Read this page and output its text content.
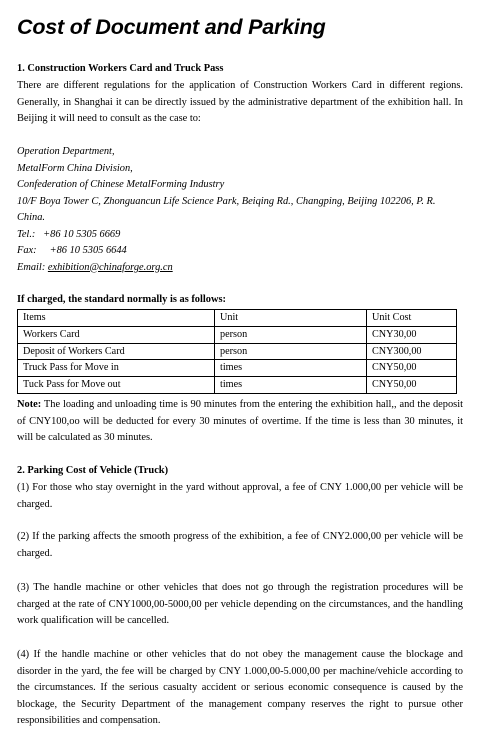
Cost of Document and Parking
1. Construction Workers Card and Truck Pass
There are different regulations for the application of Construction Workers Card in different regions. Generally, in Shanghai it can be directly issued by the administrative department of the exhibition hall. In Beijing it will need to consult as the case to:
Operation Department,
MetalForm China Division,
Confederation of Chinese MetalForming Industry
10/F Boya Tower C, Zhonguancun Life Science Park, Beiqing Rd., Changping, Beijing 102206, P. R. China.
Tel.:   +86 10 5305 6669
Fax:     +86 10 5305 6644
Email: exhibition@chinaforge.org.cn
If charged, the standard normally is as follows:
Items	Unit	Unit Cost
Workers Card	person	CNY30,00
Deposit of Workers Card	person	CNY300,00
Truck Pass for Move in	times	CNY50,00
Tuck Pass for Move out	times	CNY50,00
Note: The loading and unloading time is 90 minutes from the entering the exhibition hall,, and the deposit of CNY100,oo will be deducted for every 30 minutes of overtime. If the time is less than 30 minutes, it will be calculated as 30 minutes.
2. Parking Cost of Vehicle (Truck)
(1) For those who stay overnight in the yard without approval, a fee of CNY 1.000,00 per vehicle will be charged.
(2) If the parking affects the smooth progress of the exhibition, a fee of CNY2.000,00 per vehicle will be charged.
(3) The handle machine or other vehicles that does not go through the registration procedures will be charged at the rate of CNY1000,00-5000,00 per vehicle depending on the circumstances, and the handling work qualification will be cancelled.
(4) If the handle machine or other vehicles that do not obey the management cause the blockage and disorder in the yard, the fee will be charged by CNY 1.000,00-5.000,00 per machine/vehicle according to the circumstances. If the serious casualty accident or serious economic consequence is caused by the blockage, the Security Department of the management company reserves the right to pursue other responsibilities and compensation.
